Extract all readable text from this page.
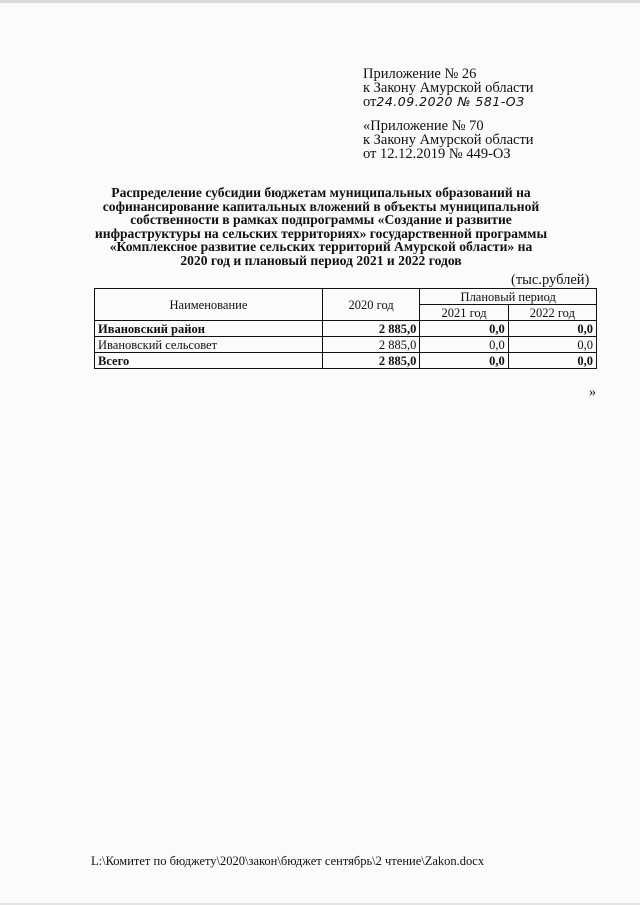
Приложение № 26
к Закону Амурской области
от24.09.2020 № 581-ОЗ
«Приложение № 70
к Закону Амурской области
от 12.12.2019 № 449-ОЗ
Распределение субсидии бюджетам муниципальных образований на
софинансирование капитальных вложений в объекты муниципальной
собственности в рамках подпрограммы «Создание и развитие
инфраструктуры на сельских территориях» государственной программы
«Комплексное развитие сельских территорий Амурской области» на
2020 год и плановый период 2021 и 2022 годов
(тыс.рублей)
Наименование	2020 год	Плановый период	
		2021 год	2022 год
Ивановский район	2 885,0	0,0	0,0
Ивановский сельсовет	2 885,0	0,0	0,0
Всего	2 885,0	0,0	0,0
»
L:\Комитет по бюджету\2020\закон\бюджет сентябрь\2 чтение\Zakon.docx
